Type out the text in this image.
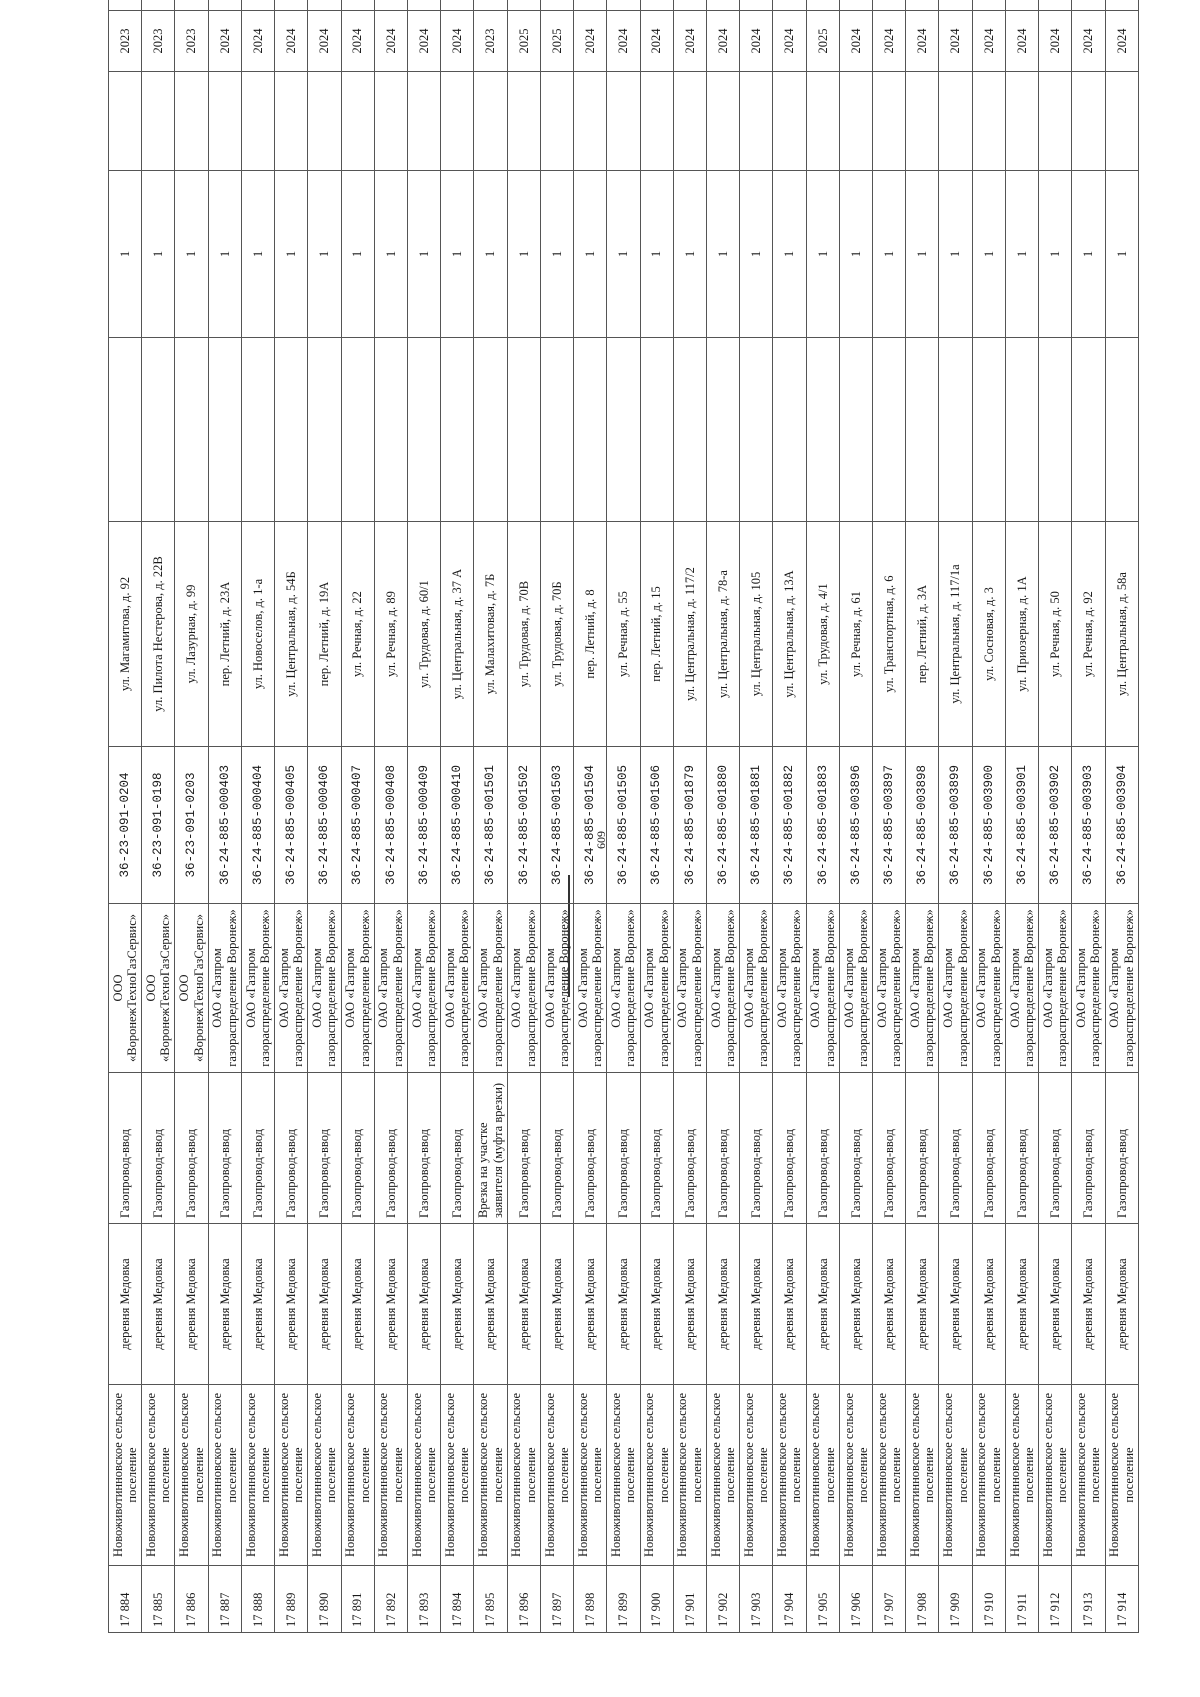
609
17 884	Новоживотинновское сельское поселение	деревня Медовка	Газопровод-ввод	ООО «ВоронежТехноГазСервис»	36-23-091-0204	ул. Магамитова, д. 92		1		2023	
17 885	Новоживотинновское сельское поселение	деревня Медовка	Газопровод-ввод	ООО «ВоронежТехноГазСервис»	36-23-091-0198	ул. Пилота Нестерова, д. 22В		1		2023	
17 886	Новоживотинновское сельское поселение	деревня Медовка	Газопровод-ввод	ООО «ВоронежТехноГазСервис»	36-23-091-0203	ул. Лазурная, д. 99		1		2023	
17 887	Новоживотинновское сельское поселение	деревня Медовка	Газопровод-ввод	ОАО «Газпром газораспределение Воронеж»	36-24-885-000403	пер. Летний, д. 23А		1		2024	
17 888	Новоживотинновское сельское поселение	деревня Медовка	Газопровод-ввод	ОАО «Газпром газораспределение Воронеж»	36-24-885-000404	ул. Новоселов, д. 1-а		1		2024	
17 889	Новоживотинновское сельское поселение	деревня Медовка	Газопровод-ввод	ОАО «Газпром газораспределение Воронеж»	36-24-885-000405	ул. Центральная, д. 54Б		1		2024	
17 890	Новоживотинновское сельское поселение	деревня Медовка	Газопровод-ввод	ОАО «Газпром газораспределение Воронеж»	36-24-885-000406	пер. Летний, д. 19А		1		2024	
17 891	Новоживотинновское сельское поселение	деревня Медовка	Газопровод-ввод	ОАО «Газпром газораспределение Воронеж»	36-24-885-000407	ул. Речная, д. 22		1		2024	
17 892	Новоживотинновское сельское поселение	деревня Медовка	Газопровод-ввод	ОАО «Газпром газораспределение Воронеж»	36-24-885-000408	ул. Речная, д. 89		1		2024	
17 893	Новоживотинновское сельское поселение	деревня Медовка	Газопровод-ввод	ОАО «Газпром газораспределение Воронеж»	36-24-885-000409	ул. Трудовая, д. 60/1		1		2024	
17 894	Новоживотинновское сельское поселение	деревня Медовка	Газопровод-ввод	ОАО «Газпром газораспределение Воронеж»	36-24-885-000410	ул. Центральная, д. 37 А		1		2024	
17 895	Новоживотинновское сельское поселение	деревня Медовка	Врезка на участке заявителя (муфта врезки)	ОАО «Газпром газораспределение Воронеж»	36-24-885-001501	ул. Малахитовая, д. 7Б		1		2023	
17 896	Новоживотинновское сельское поселение	деревня Медовка	Газопровод-ввод	ОАО «Газпром газораспределение Воронеж»	36-24-885-001502	ул. Трудовая, д. 70В		1		2025	
17 897	Новоживотинновское сельское поселение	деревня Медовка	Газопровод-ввод	ОАО «Газпром газораспределение Воронеж»	36-24-885-001503	ул. Трудовая, д. 70Б		1		2025	
17 898	Новоживотинновское сельское поселение	деревня Медовка	Газопровод-ввод	ОАО «Газпром газораспределение Воронеж»	36-24-885-001504	пер. Летний, д. 8		1		2024	
17 899	Новоживотинновское сельское поселение	деревня Медовка	Газопровод-ввод	ОАО «Газпром газораспределение Воронеж»	36-24-885-001505	ул. Речная, д. 55		1		2024	
17 900	Новоживотинновское сельское поселение	деревня Медовка	Газопровод-ввод	ОАО «Газпром газораспределение Воронеж»	36-24-885-001506	пер. Летний, д. 15		1		2024	
17 901	Новоживотинновское сельское поселение	деревня Медовка	Газопровод-ввод	ОАО «Газпром газораспределение Воронеж»	36-24-885-001879	ул. Центральная, д. 117/2		1		2024	
17 902	Новоживотинновское сельское поселение	деревня Медовка	Газопровод-ввод	ОАО «Газпром газораспределение Воронеж»	36-24-885-001880	ул. Центральная, д. 78-а		1		2024	
17 903	Новоживотинновское сельское поселение	деревня Медовка	Газопровод-ввод	ОАО «Газпром газораспределение Воронеж»	36-24-885-001881	ул. Центральная, д. 105		1		2024	
17 904	Новоживотинновское сельское поселение	деревня Медовка	Газопровод-ввод	ОАО «Газпром газораспределение Воронеж»	36-24-885-001882	ул. Центральная, д. 13А		1		2024	
17 905	Новоживотинновское сельское поселение	деревня Медовка	Газопровод-ввод	ОАО «Газпром газораспределение Воронеж»	36-24-885-001883	ул. Трудовая, д. 4/1		1		2025	
17 906	Новоживотинновское сельское поселение	деревня Медовка	Газопровод-ввод	ОАО «Газпром газораспределение Воронеж»	36-24-885-003896	ул. Речная, д. 61		1		2024	
17 907	Новоживотинновское сельское поселение	деревня Медовка	Газопровод-ввод	ОАО «Газпром газораспределение Воронеж»	36-24-885-003897	ул. Транспортная, д. 6		1		2024	
17 908	Новоживотинновское сельское поселение	деревня Медовка	Газопровод-ввод	ОАО «Газпром газораспределение Воронеж»	36-24-885-003898	пер. Летний, д. 3А		1		2024	
17 909	Новоживотинновское сельское поселение	деревня Медовка	Газопровод-ввод	ОАО «Газпром газораспределение Воронеж»	36-24-885-003899	ул. Центральная, д. 117/1а		1		2024	
17 910	Новоживотинновское сельское поселение	деревня Медовка	Газопровод-ввод	ОАО «Газпром газораспределение Воронеж»	36-24-885-003900	ул. Сосновая, д. 3		1		2024	
17 911	Новоживотинновское сельское поселение	деревня Медовка	Газопровод-ввод	ОАО «Газпром газораспределение Воронеж»	36-24-885-003901	ул. Приозерная, д. 1А		1		2024	
17 912	Новоживотинновское сельское поселение	деревня Медовка	Газопровод-ввод	ОАО «Газпром газораспределение Воронеж»	36-24-885-003902	ул. Речная, д. 50		1		2024	
17 913	Новоживотинновское сельское поселение	деревня Медовка	Газопровод-ввод	ОАО «Газпром газораспределение Воронеж»	36-24-885-003903	ул. Речная, д. 92		1		2024	
17 914	Новоживотинновское сельское поселение	деревня Медовка	Газопровод-ввод	ОАО «Газпром газораспределение Воронеж»	36-24-885-003904	ул. Центральная, д. 58а		1		2024	
